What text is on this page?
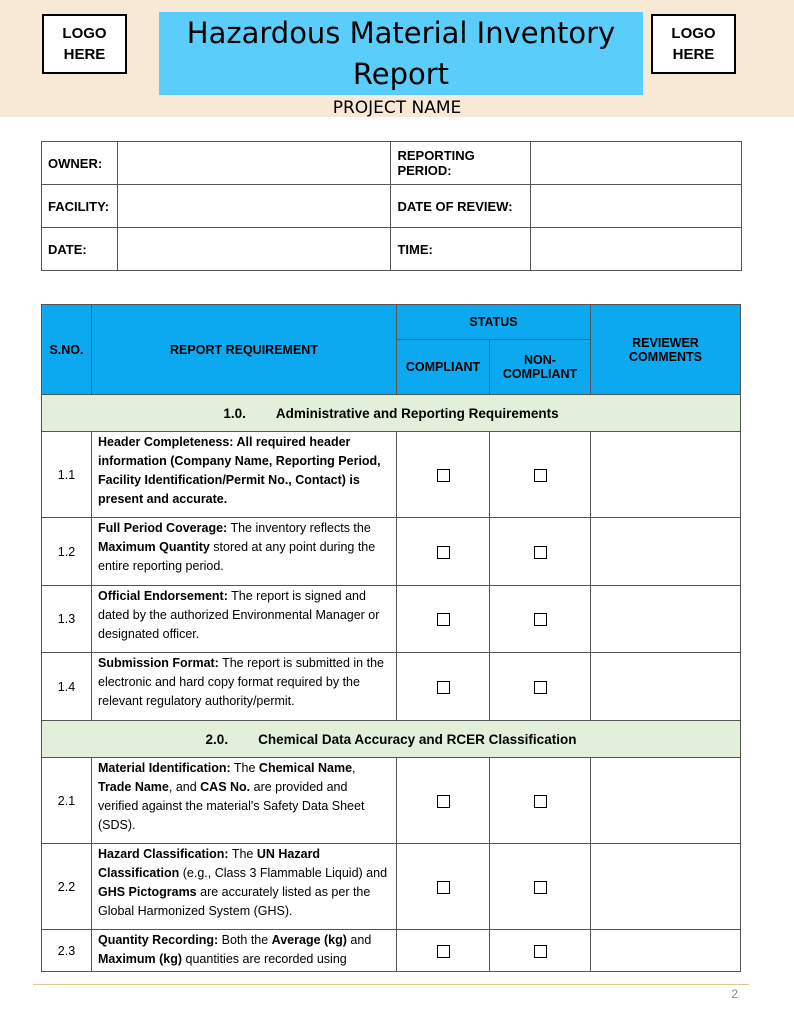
LOGO
HERE
Hazardous Material Inventory Report
LOGO
HERE
PROJECT NAME
OWNER:		REPORTING PERIOD:	
FACILITY:		DATE OF REVIEW:	
DATE:		TIME:	
S.NO.	REPORT REQUIREMENT	STATUS		REVIEWER COMMENTS
		COMPLIANT	NON-COMPLIANT	
1.0. Administrative and Reporting Requirements				
1.1	Header Completeness: All required header information (Company Name, Reporting Period, Facility Identification/Permit No., Contact) is present and accurate.			
1.2	Full Period Coverage: The inventory reflects the Maximum Quantity stored at any point during the entire reporting period.			
1.3	Official Endorsement: The report is signed and dated by the authorized Environmental Manager or designated officer.			
1.4	Submission Format: The report is submitted in the electronic and hard copy format required by the relevant regulatory authority/permit.			
2.0. Chemical Data Accuracy and RCER Classification				
2.1	Material Identification: The Chemical Name, Trade Name, and CAS No. are provided and verified against the material's Safety Data Sheet (SDS).			
2.2	Hazard Classification: The UN Hazard Classification (e.g., Class 3 Flammable Liquid) and GHS Pictograms are accurately listed as per the Global Harmonized System (GHS).			
2.3	Quantity Recording: Both the Average (kg) and Maximum (kg) quantities are recorded using			
2
